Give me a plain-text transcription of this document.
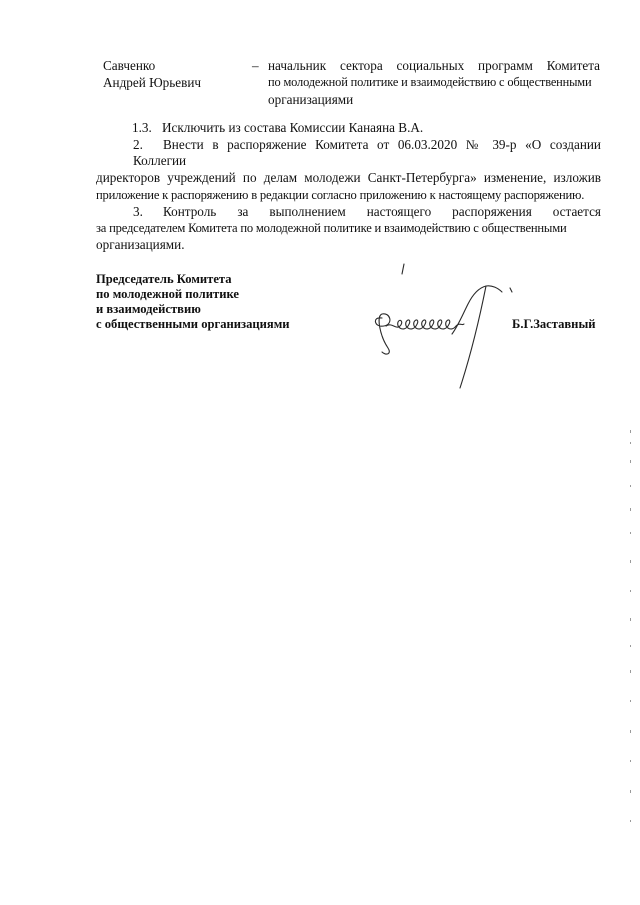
Савченко
Андрей Юрьевич
– начальник сектора социальных программ Комитета
по молодежной политике и взаимодействию с общественными
организациями

1.3. Исключить из состава Комиссии Канаяна В.А.

2. Внести в распоряжение Комитета от 06.03.2020 № 39-р «О создании Коллегии
директоров учреждений по делам молодежи Санкт-Петербурга» изменение, изложив
приложение к распоряжению в редакции согласно приложению к настоящему распоряжению.

3. Контроль за выполнением настоящего распоряжения остается
за председателем Комитета по молодежной политике и взаимодействию с общественными
организациями.

Председатель Комитета
по молодежной политике
и взаимодействию
с общественными организациями	Б.Г.Заставный
